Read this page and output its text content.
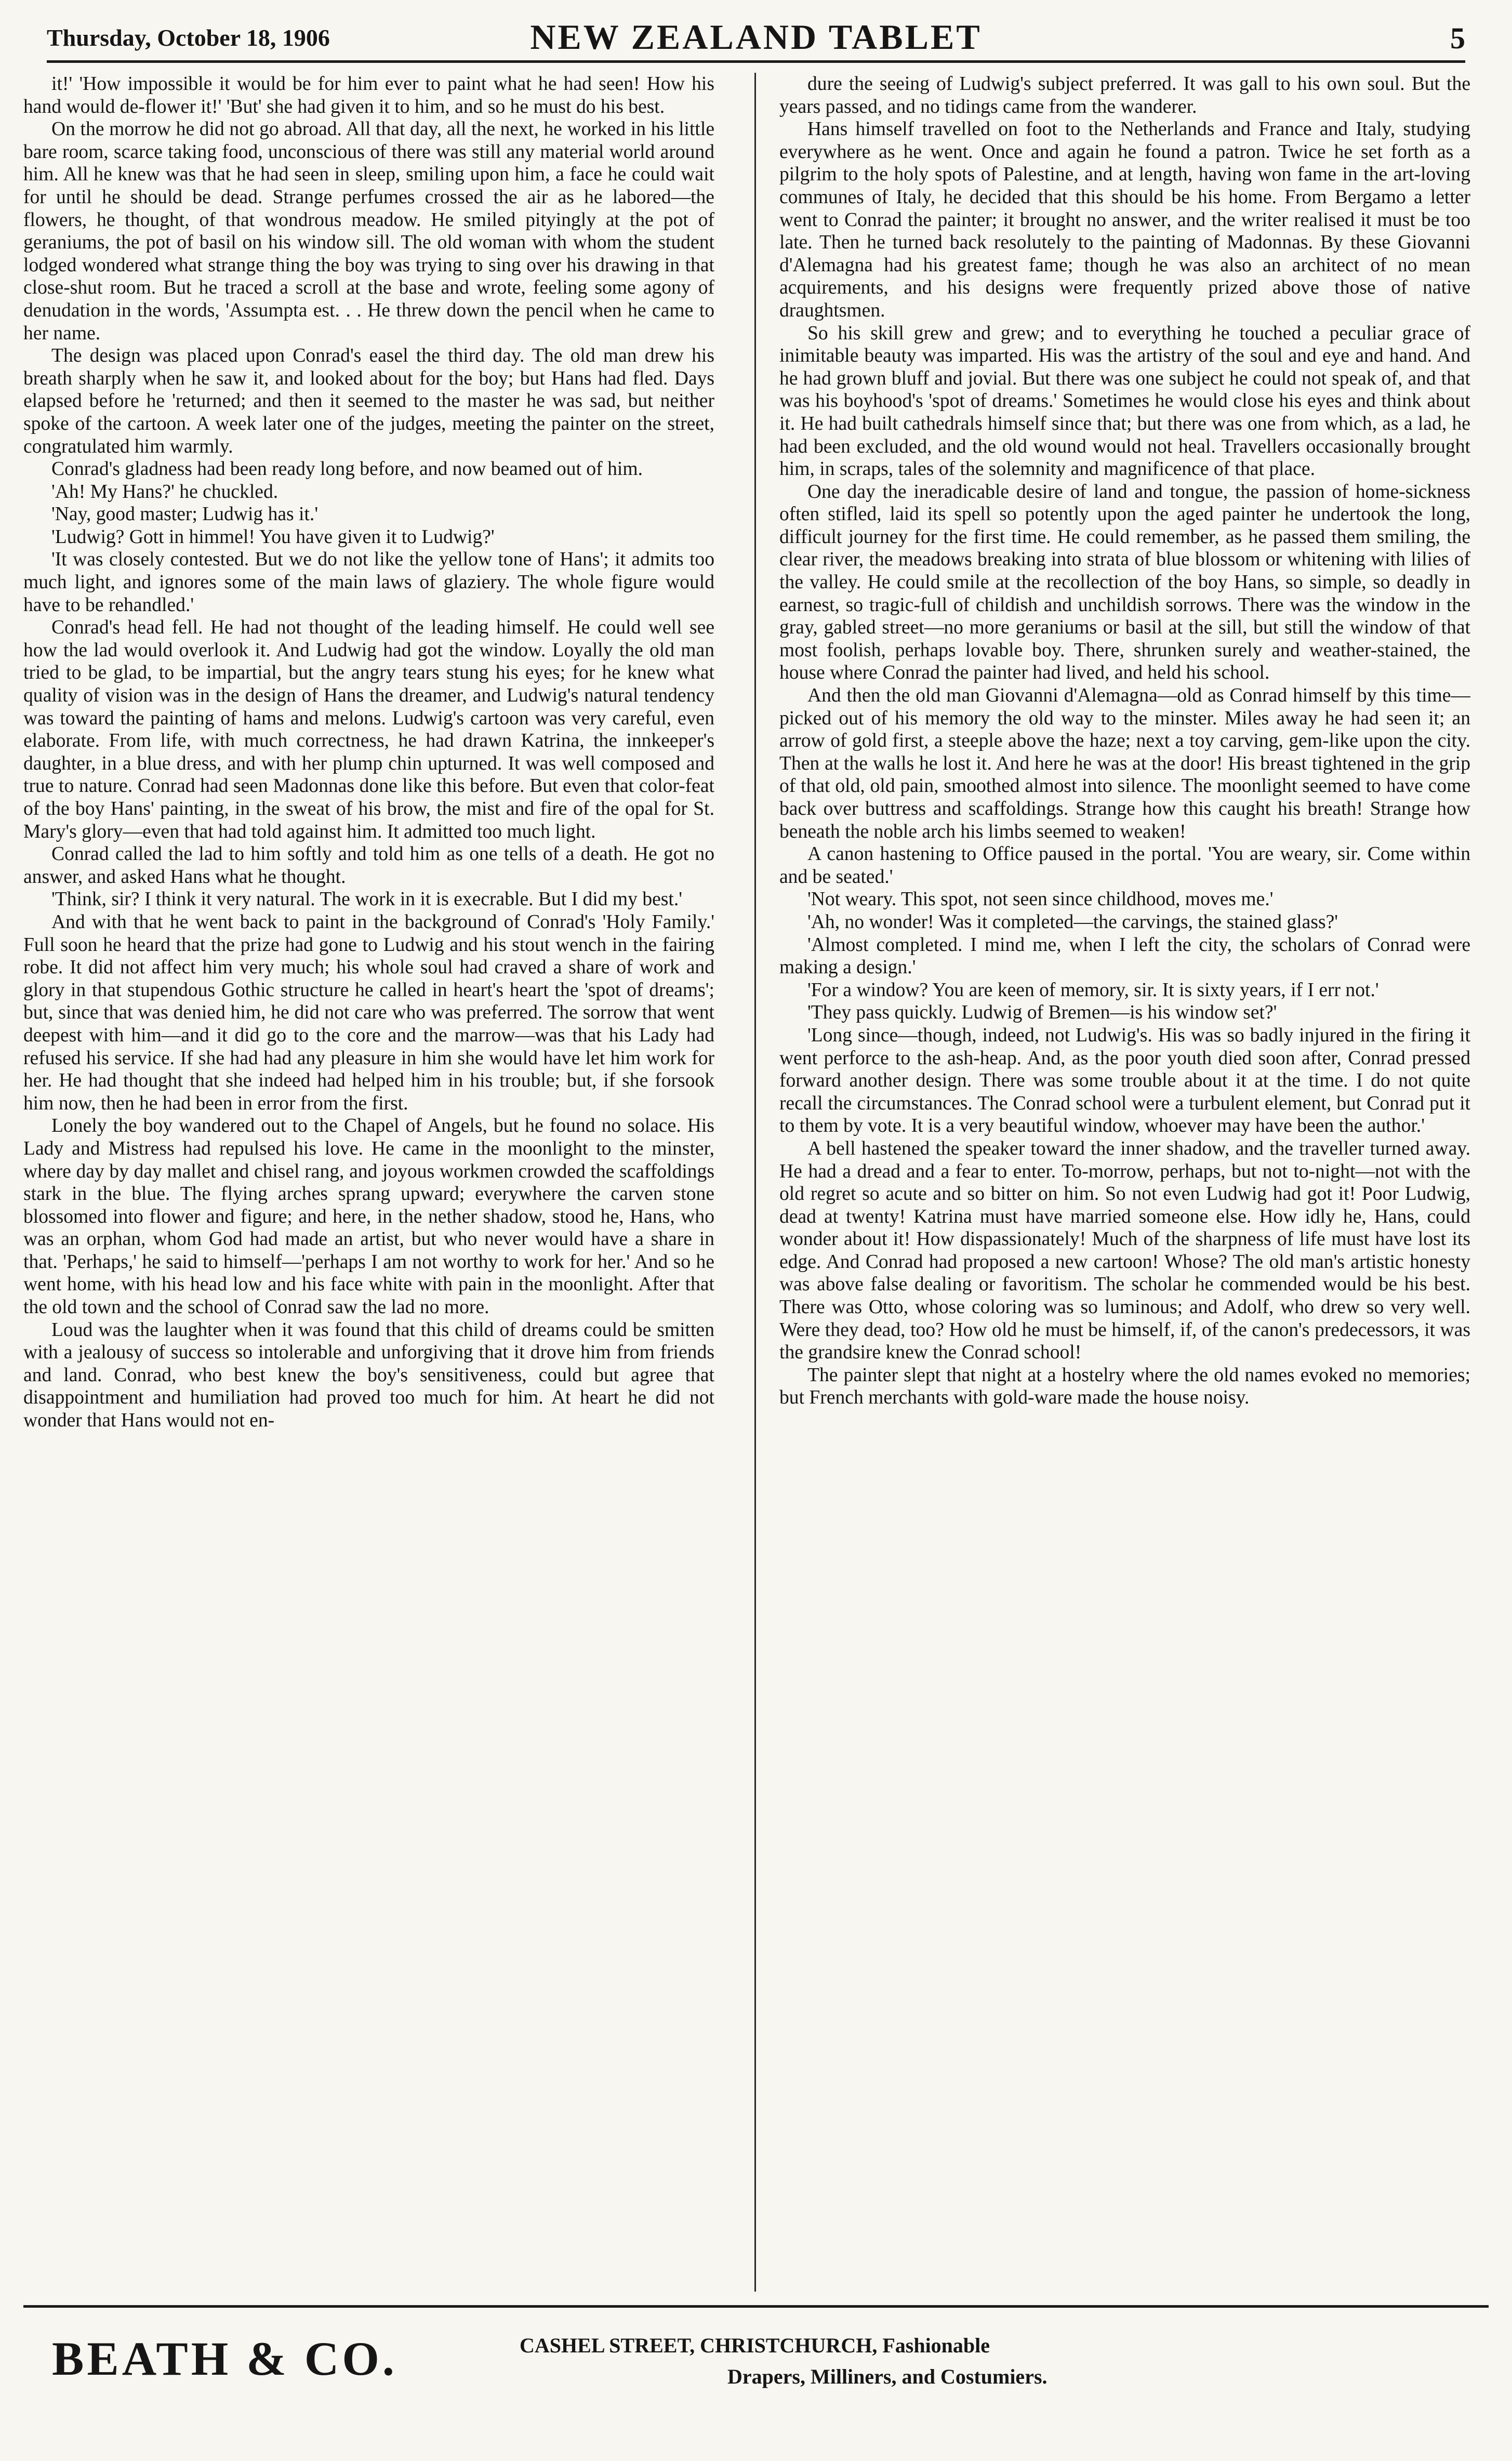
Thursday, October 18, 1906	NEW ZEALAND TABLET	5

it!' 'How impossible it would be for him ever to paint what he had seen! How his hand would de-flower it!' 'But' she had given it to him, and so he must do his best.

On the morrow he did not go abroad. All that day, all the next, he worked in his little bare room, scarce taking food, unconscious of there was still any material world around him. All he knew was that he had seen in sleep, smiling upon him, a face he could wait for until he should be dead. Strange perfumes crossed the air as he labored—the flowers, he thought, of that wondrous meadow. He smiled pityingly at the pot of geraniums, the pot of basil on his window sill. The old woman with whom the student lodged wondered what strange thing the boy was trying to sing over his drawing in that close-shut room. But he traced a scroll at the base and wrote, feeling some agony of denudation in the words, 'Assumpta est. . . He threw down the pencil when he came to her name.

The design was placed upon Conrad's easel the third day. The old man drew his breath sharply when he saw it, and looked about for the boy; but Hans had fled. Days elapsed before he 'returned; and then it seemed to the master he was sad, but neither spoke of the cartoon. A week later one of the judges, meeting the painter on the street, congratulated him warmly.

Conrad's gladness had been ready long before, and now beamed out of him.

'Ah! My Hans?' he chuckled.

'Nay, good master; Ludwig has it.'

'Ludwig? Gott in himmel! You have given it to Ludwig?'

'It was closely contested. But we do not like the yellow tone of Hans'; it admits too much light, and ignores some of the main laws of glaziery. The whole figure would have to be rehandled.'

Conrad's head fell. He had not thought of the leading himself. He could well see how the lad would overlook it. And Ludwig had got the window. Loyally the old man tried to be glad, to be impartial, but the angry tears stung his eyes; for he knew what quality of vision was in the design of Hans the dreamer, and Ludwig's natural tendency was toward the painting of hams and melons. Ludwig's cartoon was very careful, even elaborate. From life, with much correctness, he had drawn Katrina, the innkeeper's daughter, in a blue dress, and with her plump chin upturned. It was well composed and true to nature. Conrad had seen Madonnas done like this before. But even that color-feat of the boy Hans' painting, in the sweat of his brow, the mist and fire of the opal for St. Mary's glory—even that had told against him. It admitted too much light.

Conrad called the lad to him softly and told him as one tells of a death. He got no answer, and asked Hans what he thought.

'Think, sir? I think it very natural. The work in it is execrable. But I did my best.'

And with that he went back to paint in the background of Conrad's 'Holy Family.' Full soon he heard that the prize had gone to Ludwig and his stout wench in the fairing robe. It did not affect him very much; his whole soul had craved a share of work and glory in that stupendous Gothic structure he called in heart's heart the 'spot of dreams'; but, since that was denied him, he did not care who was preferred. The sorrow that went deepest with him—and it did go to the core and the marrow—was that his Lady had refused his service. If she had had any pleasure in him she would have let him work for her. He had thought that she indeed had helped him in his trouble; but, if she forsook him now, then he had been in error from the first.

Lonely the boy wandered out to the Chapel of Angels, but he found no solace. His Lady and Mistress had repulsed his love. He came in the moonlight to the minster, where day by day mallet and chisel rang, and joyous workmen crowded the scaffoldings stark in the blue. The flying arches sprang upward; everywhere the carven stone blossomed into flower and figure; and here, in the nether shadow, stood he, Hans, who was an orphan, whom God had made an artist, but who never would have a share in that. 'Perhaps,' he said to himself—'perhaps I am not worthy to work for her.' And so he went home, with his head low and his face white with pain in the moonlight. After that the old town and the school of Conrad saw the lad no more.

Loud was the laughter when it was found that this child of dreams could be smitten with a jealousy of success so intolerable and unforgiving that it drove him from friends and land. Conrad, who best knew the boy's sensitiveness, could but agree that disappointment and humiliation had proved too much for him. At heart he did not wonder that Hans would not en-

dure the seeing of Ludwig's subject preferred. It was gall to his own soul. But the years passed, and no tidings came from the wanderer.

Hans himself travelled on foot to the Netherlands and France and Italy, studying everywhere as he went. Once and again he found a patron. Twice he set forth as a pilgrim to the holy spots of Palestine, and at length, having won fame in the art-loving communes of Italy, he decided that this should be his home. From Bergamo a letter went to Conrad the painter; it brought no answer, and the writer realised it must be too late. Then he turned back resolutely to the painting of Madonnas. By these Giovanni d'Alemagna had his greatest fame; though he was also an architect of no mean acquirements, and his designs were frequently prized above those of native draughtsmen.

So his skill grew and grew; and to everything he touched a peculiar grace of inimitable beauty was imparted. His was the artistry of the soul and eye and hand. And he had grown bluff and jovial. But there was one subject he could not speak of, and that was his boyhood's 'spot of dreams.' Sometimes he would close his eyes and think about it. He had built cathedrals himself since that; but there was one from which, as a lad, he had been excluded, and the old wound would not heal. Travellers occasionally brought him, in scraps, tales of the solemnity and magnificence of that place.

One day the ineradicable desire of land and tongue, the passion of home-sickness often stifled, laid its spell so potently upon the aged painter he undertook the long, difficult journey for the first time. He could remember, as he passed them smiling, the clear river, the meadows breaking into strata of blue blossom or whitening with lilies of the valley. He could smile at the recollection of the boy Hans, so simple, so deadly in earnest, so tragic-full of childish and unchildish sorrows. There was the window in the gray, gabled street—no more geraniums or basil at the sill, but still the window of that most foolish, perhaps lovable boy. There, shrunken surely and weather-stained, the house where Conrad the painter had lived, and held his school.

And then the old man Giovanni d'Alemagna—old as Conrad himself by this time—picked out of his memory the old way to the minster. Miles away he had seen it; an arrow of gold first, a steeple above the haze; next a toy carving, gem-like upon the city. Then at the walls he lost it. And here he was at the door! His breast tightened in the grip of that old, old pain, smoothed almost into silence. The moonlight seemed to have come back over buttress and scaffoldings. Strange how this caught his breath! Strange how beneath the noble arch his limbs seemed to weaken!

A canon hastening to Office paused in the portal. 'You are weary, sir. Come within and be seated.'

'Not weary. This spot, not seen since childhood, moves me.'

'Ah, no wonder! Was it completed—the carvings, the stained glass?'

'Almost completed. I mind me, when I left the city, the scholars of Conrad were making a design.'

'For a window? You are keen of memory, sir. It is sixty years, if I err not.'

'They pass quickly. Ludwig of Bremen—is his window set?'

'Long since—though, indeed, not Ludwig's. His was so badly injured in the firing it went perforce to the ash-heap. And, as the poor youth died soon after, Conrad pressed forward another design. There was some trouble about it at the time. I do not quite recall the circumstances. The Conrad school were a turbulent element, but Conrad put it to them by vote. It is a very beautiful window, whoever may have been the author.'

A bell hastened the speaker toward the inner shadow, and the traveller turned away. He had a dread and a fear to enter. To-morrow, perhaps, but not to-night—not with the old regret so acute and so bitter on him. So not even Ludwig had got it! Poor Ludwig, dead at twenty! Katrina must have married someone else. How idly he, Hans, could wonder about it! How dispassionately! Much of the sharpness of life must have lost its edge. And Conrad had proposed a new cartoon! Whose? The old man's artistic honesty was above false dealing or favoritism. The scholar he commended would be his best. There was Otto, whose coloring was so luminous; and Adolf, who drew so very well. Were they dead, too? How old he must be himself, if, of the canon's predecessors, it was the grandsire knew the Conrad school!

The painter slept that night at a hostelry where the old names evoked no memories; but French merchants with gold-ware made the house noisy.

BEATH & CO.	CASHEL STREET, CHRISTCHURCH, Fashionable
Drapers, Milliners, and Costumiers.
